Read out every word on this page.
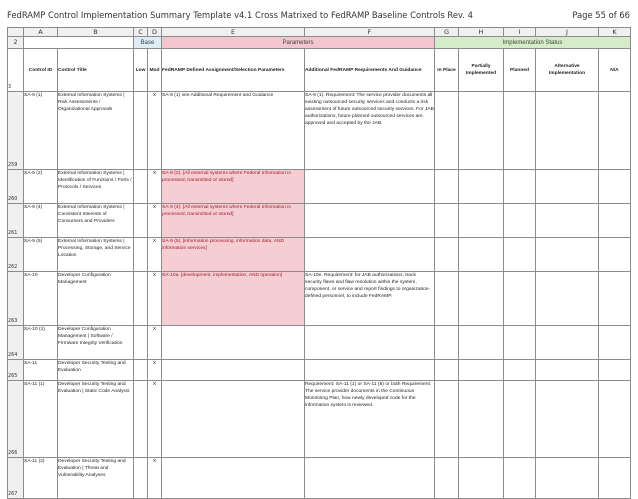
FedRAMP Control Implementation Summary Template v4.1 Cross Matrixed to FedRAMP Baseline Controls Rev. 4	Page 55 of 66
	A	B	C	D	E	F	G	H	I	J	K
2			Base		Parameters		Implementation Status				
3	Control ID	Control Title	Low	Mod	FedRAMP Defined Assignment/Selection Parameters	Additional FedRAMP Requirements And Guidance	In Place	Partially Implemented	Planned	Alternative Implementation	N/A
259	SA-9 (1)	External Information Systems | Risk Assessments / Organizational Approvals		X	SA-9 (1) see Additional Requirement and Guidance	SA-9 (1). Requirement: The service provider documents all existing outsourced security services and conducts a risk assessment of future outsourced security services. For JAB authorizations, future planned outsourced services are approved and accepted by the JAB.					
260	SA-9 (2)	External Information Systems | Identification of Functions / Ports / Protocols / Services		X	SA-9 (2). [All external systems where Federal information is processed, transmitted or stored]						
261	SA-9 (4)	External Information Systems | Consistent Interests of Consumers and Providers		X	SA-9 (4). [All external systems where Federal information is processed, transmitted or stored]						
262	SA-9 (5)	External Information Systems | Processing, Storage, and Service Location		X	SA-9 (5). [information processing, information data, AND information services]						
263	SA-10	Developer Configuration Management		X	SA-10a. [development, implementation, AND operation]	SA-10e. Requirement: for JAB authorizations, track security flaws and flaw resolution within the system, component, or service and report findings to organization-defined personnel, to include FedRAMP.					
264	SA-10 (1)	Developer Configuration Management | Software / Firmware Integrity Verification		X							
265	SA-11	Developer Security Testing and Evaluation		X							
266	SA-11 (1)	Developer Security Testing and Evaluation | Static Code Analysis		X		Requirement: SA-11 (1) or SA-11 (8) or both Requirement: The service provider documents in the Continuous Monitoring Plan, how newly developed code for the information system is reviewed.					
267	SA-11 (2)	Developer Security Testing and Evaluation | Threat and Vulnerability Analyses		X							
